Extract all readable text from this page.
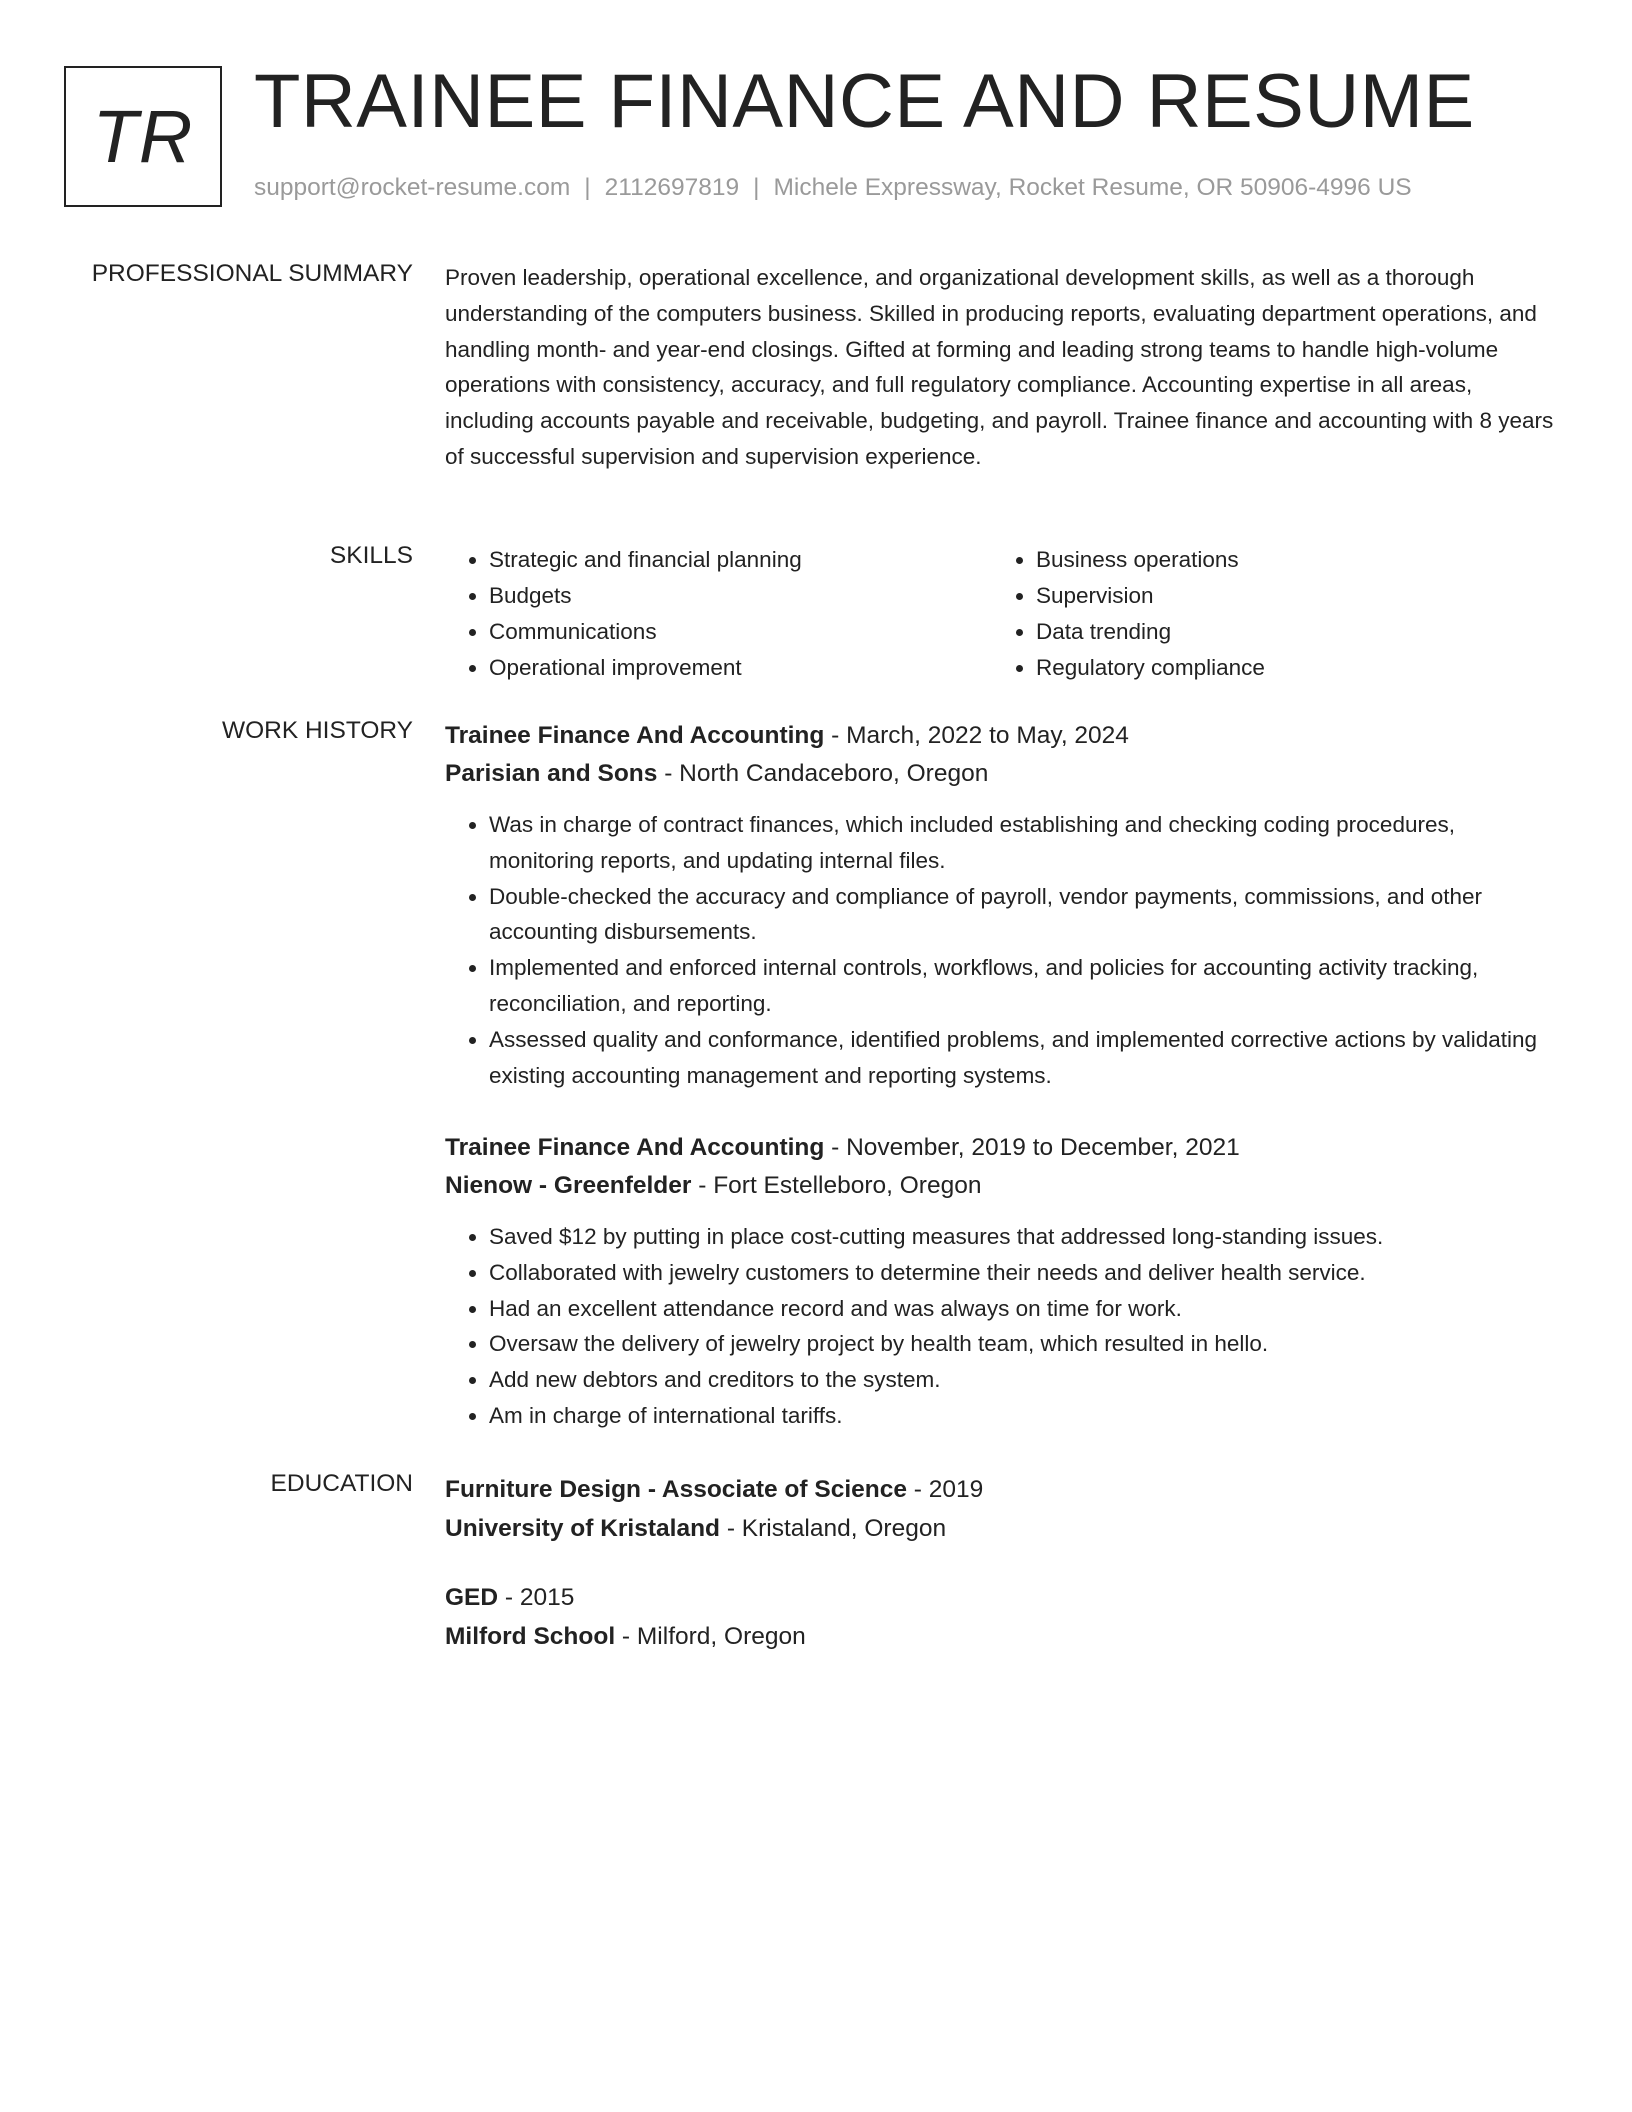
TR TRAINEE FINANCE AND RESUME
support@rocket-resume.com | 2112697819 | Michele Expressway, Rocket Resume, OR 50906-4996 US
PROFESSIONAL SUMMARY Proven leadership, operational excellence, and organizational development skills, as well as a thorough understanding of the computers business. Skilled in producing reports, evaluating department operations, and handling month- and year-end closings. Gifted at forming and leading strong teams to handle high-volume operations with consistency, accuracy, and full regulatory compliance. Accounting expertise in all areas, including accounts payable and receivable, budgeting, and payroll. Trainee finance and accounting with 8 years of successful supervision and supervision experience.

SKILLS
•	Strategic and financial planning
• Budgets
• Communications
• Operational improvement
• Business operations
• Supervision
• Data trending
• Regulatory compliance
WORK HISTORY Trainee Finance And Accounting - March, 2022 to May, 2024
Parisian and Sons - North Candaceboro, Oregon
• Was in charge of contract finances, which included establishing and checking coding procedures, monitoring reports, and updating internal files.
• Double-checked the accuracy and compliance of payroll, vendor payments, commissions, and other accounting disbursements.
• Implemented and enforced internal controls, workflows, and policies for accounting activity tracking, reconciliation, and reporting.
• Assessed quality and conformance, identified problems, and implemented corrective actions by validating existing accounting management and reporting systems.
Trainee Finance And Accounting - November, 2019 to December, 2021
Nienow - Greenfelder - Fort Estelleboro, Oregon
• Saved $12 by putting in place cost-cutting measures that addressed long-standing issues.
• Collaborated with jewelry customers to determine their needs and deliver health service.
• Had an excellent attendance record and was always on time for work.
• Oversaw the delivery of jewelry project by health team, which resulted in hello.
• Add new debtors and creditors to the system.
• Am in charge of international tariffs.
EDUCATION Furniture Design - Associate of Science - 2019
University of Kristaland - Kristaland, Oregon
GED - 2015
Milford School - Milford, Oregon
